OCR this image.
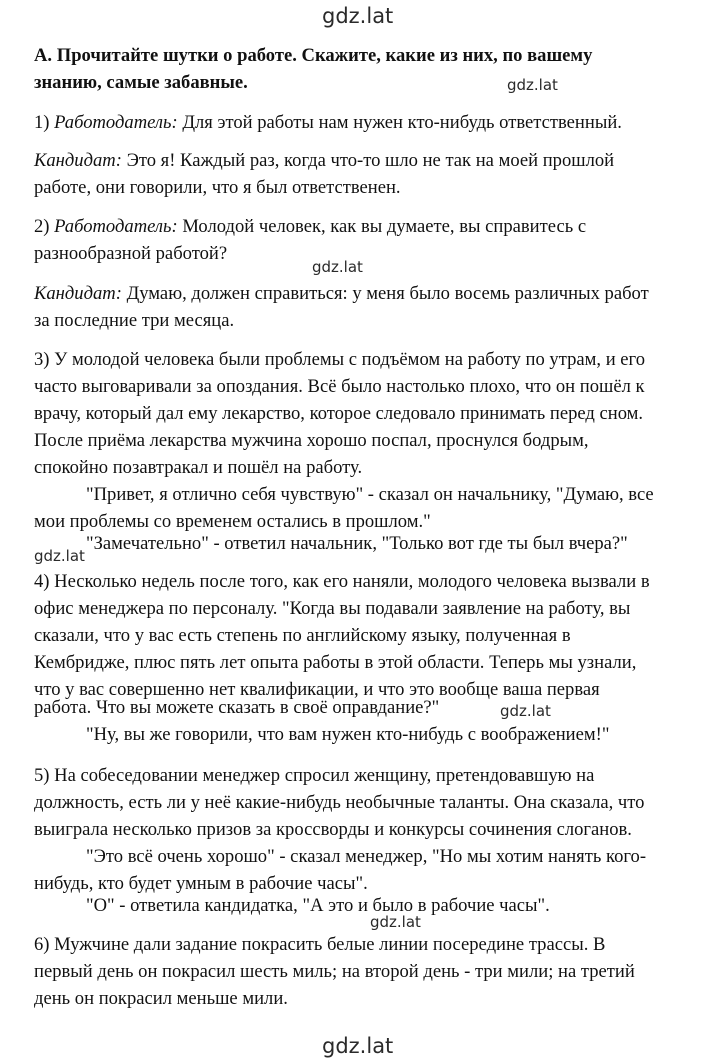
gdz.lat
gdz.lat
gdz.lat
gdz.lat
gdz.lat
gdz.lat
gdz.lat
A. Прочитайте шутки о работе. Скажите, какие из них, по вашему
знанию, самые забавные.
1) Работодатель: Для этой работы нам нужен кто-нибудь ответственный.
Кандидат: Это я! Каждый раз, когда что-то шло не так на моей прошлой
работе, они говорили, что я был ответственен.
2) Работодатель: Молодой человек, как вы думаете, вы справитесь с
разнообразной работой?
Кандидат: Думаю, должен справиться: у меня было восемь различных работ
за последние три месяца.
3) У молодой человека были проблемы с подъёмом на работу по утрам, и его
часто выговаривали за опоздания. Всё было настолько плохо, что он пошёл к
врачу, который дал ему лекарство, которое следовало принимать перед сном.
После приёма лекарства мужчина хорошо поспал, проснулся бодрым,
спокойно позавтракал и пошёл на работу.
"Привет, я отлично себя чувствую" - сказал он начальнику, "Думаю, все
мои проблемы со временем остались в прошлом."
"Замечательно" - ответил начальник, "Только вот где ты был вчера?"
4) Несколько недель после того, как его наняли, молодого человека вызвали в
офис менеджера по персоналу. "Когда вы подавали заявление на работу, вы
сказали, что у вас есть степень по английскому языку, полученная в
Кембридже, плюс пять лет опыта работы в этой области. Теперь мы узнали,
что у вас совершенно нет квалификации, и что это вообще ваша первая
работа. Что вы можете сказать в своё оправдание?"
"Ну, вы же говорили, что вам нужен кто-нибудь с воображением!"
5) На собеседовании менеджер спросил женщину, претендовавшую на
должность, есть ли у неё какие-нибудь необычные таланты. Она сказала, что
выиграла несколько призов за кроссворды и конкурсы сочинения слоганов.
"Это всё очень хорошо" - сказал менеджер, "Но мы хотим нанять кого-
нибудь, кто будет умным в рабочие часы".
"О" - ответила кандидатка, "А это и было в рабочие часы".
6) Мужчине дали задание покрасить белые линии посередине трассы. В
первый день он покрасил шесть миль; на второй день - три мили; на третий
день он покрасил меньше мили.
